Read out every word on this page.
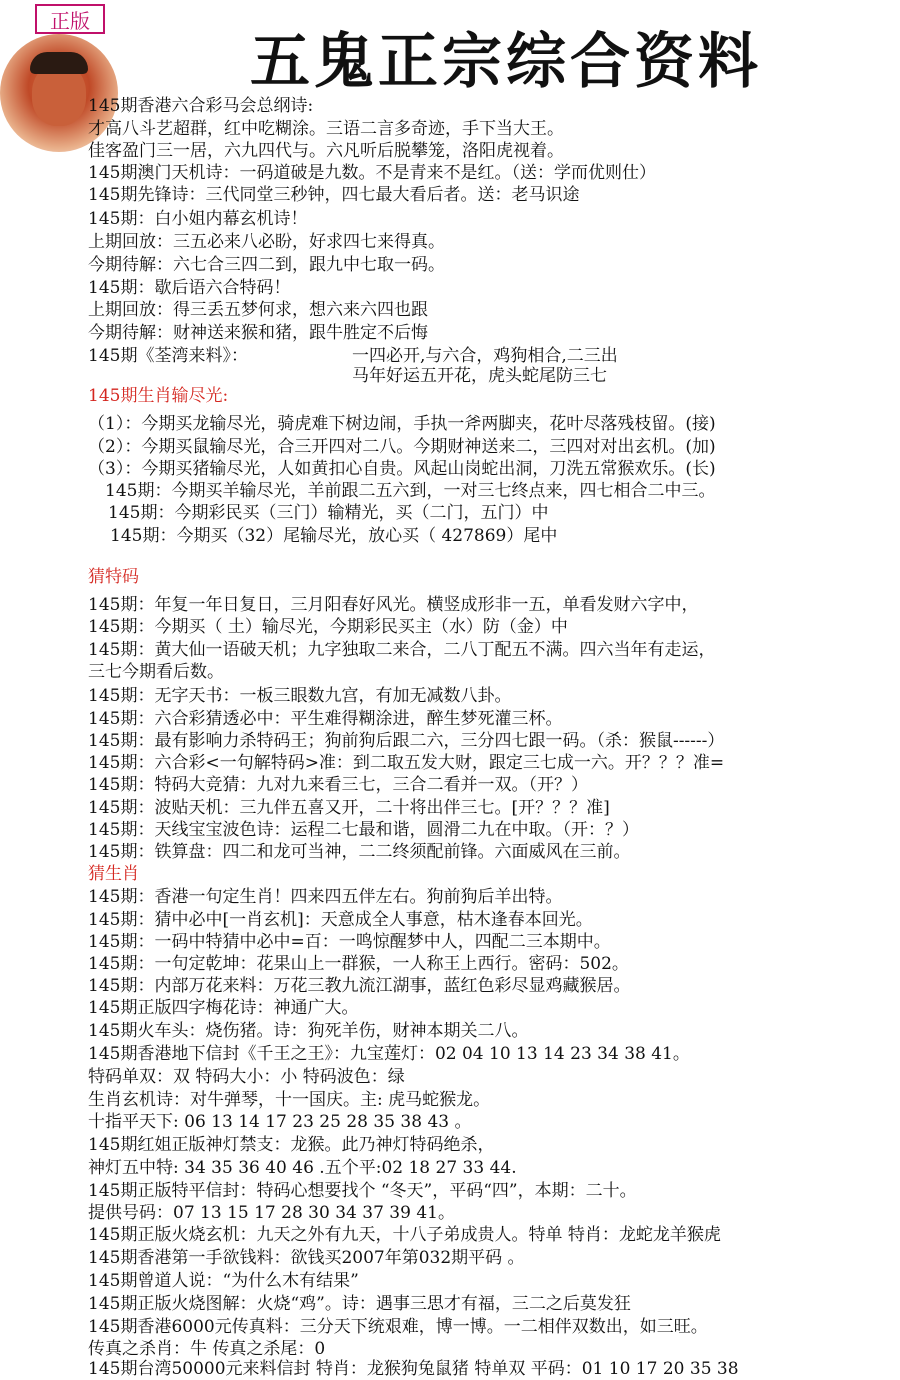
正版
五鬼正宗综合资料
145期香港六合彩马会总纲诗:
才高八斗艺超群，红中吃糊涂。三语二言多奇迹，手下当大王。
佳客盈门三一居，六九四代与。六凡听后脱攀笼，洛阳虎视着。
145期澳门天机诗：一码道破是九数。不是青来不是红。（送：学而优则仕）
145期先锋诗：三代同堂三秒钟，四七最大看后者。送：老马识途
145期：白小姐内幕玄机诗！
上期回放：三五必来八必盼，好求四七来得真。
今期待解：六七合三四二到，跟九中七取一码。
145期：歇后语六合特码！
上期回放：得三丢五梦何求，想六来六四也跟
今期待解：财神送来猴和猪，跟牛胜定不后悔
145期《荃湾来料》：	一四必开,与六合，鸡狗相合,二三出
马年好运五开花，虎头蛇尾防三七
145期生肖输尽光:
（1）：今期买龙输尽光，骑虎难下树边闹，手执一斧两脚夹，花叶尽落残枝留。(接)
（2）：今期买鼠输尽光，合三开四对二八。今期财神送来二，三四对对出玄机。(加)
（3）：今期买猪输尽光，人如黄扣心自贵。风起山岗蛇出洞，刀洗五常猴欢乐。(长)
145期：今期买羊输尽光，羊前跟二五六到，一对三七终点来，四七相合二中三。
145期：今期彩民买（三门）输精光，买（二门，五门）中
145期：今期买（32）尾输尽光，放心买（ 427869）尾中
猜特码
145期：年复一年日复日，三月阳春好风光。横竖成形非一五，单看发财六字中，
145期：今期买（ 土）输尽光，今期彩民买主（水）防（金）中
145期：黄大仙一语破天机；九字独取二来合，二八丁配五不满。四六当年有走运，
三七今期看后数。
145期：无字天书：一板三眼数九宫，有加无减数八卦。
145期：六合彩猜透必中：平生难得糊涂进，醉生梦死灌三杯。
145期：最有影响力杀特码王；狗前狗后跟二六，三分四七跟一码。（杀：猴鼠------）
145期：六合彩<一句解特码>准：到二取五发大财，跟定三七成一六。开？？？准=
145期：特码大竞猜：九对九来看三七，三合二看并一双。（开？）
145期：波贴天机：三九伴五喜又开，二十将出伴三七。[开？？？准]
145期：天线宝宝波色诗：运程二七最和谐，圆滑二九在中取。（开：？）
145期：铁算盘：四二和龙可当神，二二终须配前锋。六面威风在三前。
猜生肖
145期：香港一句定生肖！四来四五伴左右。狗前狗后羊出特。
145期：猜中必中[一肖玄机]：天意成全人事意，枯木逢春本回光。
145期：一码中特猜中必中=百：一鸣惊醒梦中人，四配二三本期中。
145期：一句定乾坤：花果山上一群猴，一人称王上西行。密码：502。
145期：内部万花来料：万花三教九流江湖事，蓝红色彩尽显鸡藏猴居。
145期正版四字梅花诗：神通广大。
145期火车头：烧伤猪。诗：狗死羊伤，财神本期关二八。
145期香港地下信封《千王之王》：九宝莲灯：02 04 10 13 14 23 34 38 41。
特码单双：双 特码大小：小 特码波色：绿
生肖玄机诗：对牛弹琴，十一国庆。主: 虎马蛇猴龙。
十指平天下: 06 13 14 17 23 25 28 35 38 43 。
145期红姐正版神灯禁支：龙猴。此乃神灯特码绝杀，
神灯五中特: 34 35 36 40 46 .五个平:02 18 27 33 44.
145期正版特平信封：特码心想要找个 “冬天”，平码“四”，本期：二十。
提供号码：07 13 15 17 28 30 34 37 39 41。
145期正版火烧玄机：九天之外有九天，十八子弟成贵人。特单 特肖：龙蛇龙羊猴虎
145期香港第一手欲钱料：欲钱买2007年第032期平码 。
145期曾道人说：“为什么木有结果”
145期正版火烧图解：火烧“鸡”。诗：遇事三思才有福，三二之后莫发狂
145期香港6000元传真料：三分天下统艰难，博一博。一二相伴双数出，如三旺。
传真之杀肖：牛 传真之杀尾：0
145期台湾50000元来料信封 特肖：龙猴狗兔鼠猪 特单双 平码：01 10 17 20 35 38
